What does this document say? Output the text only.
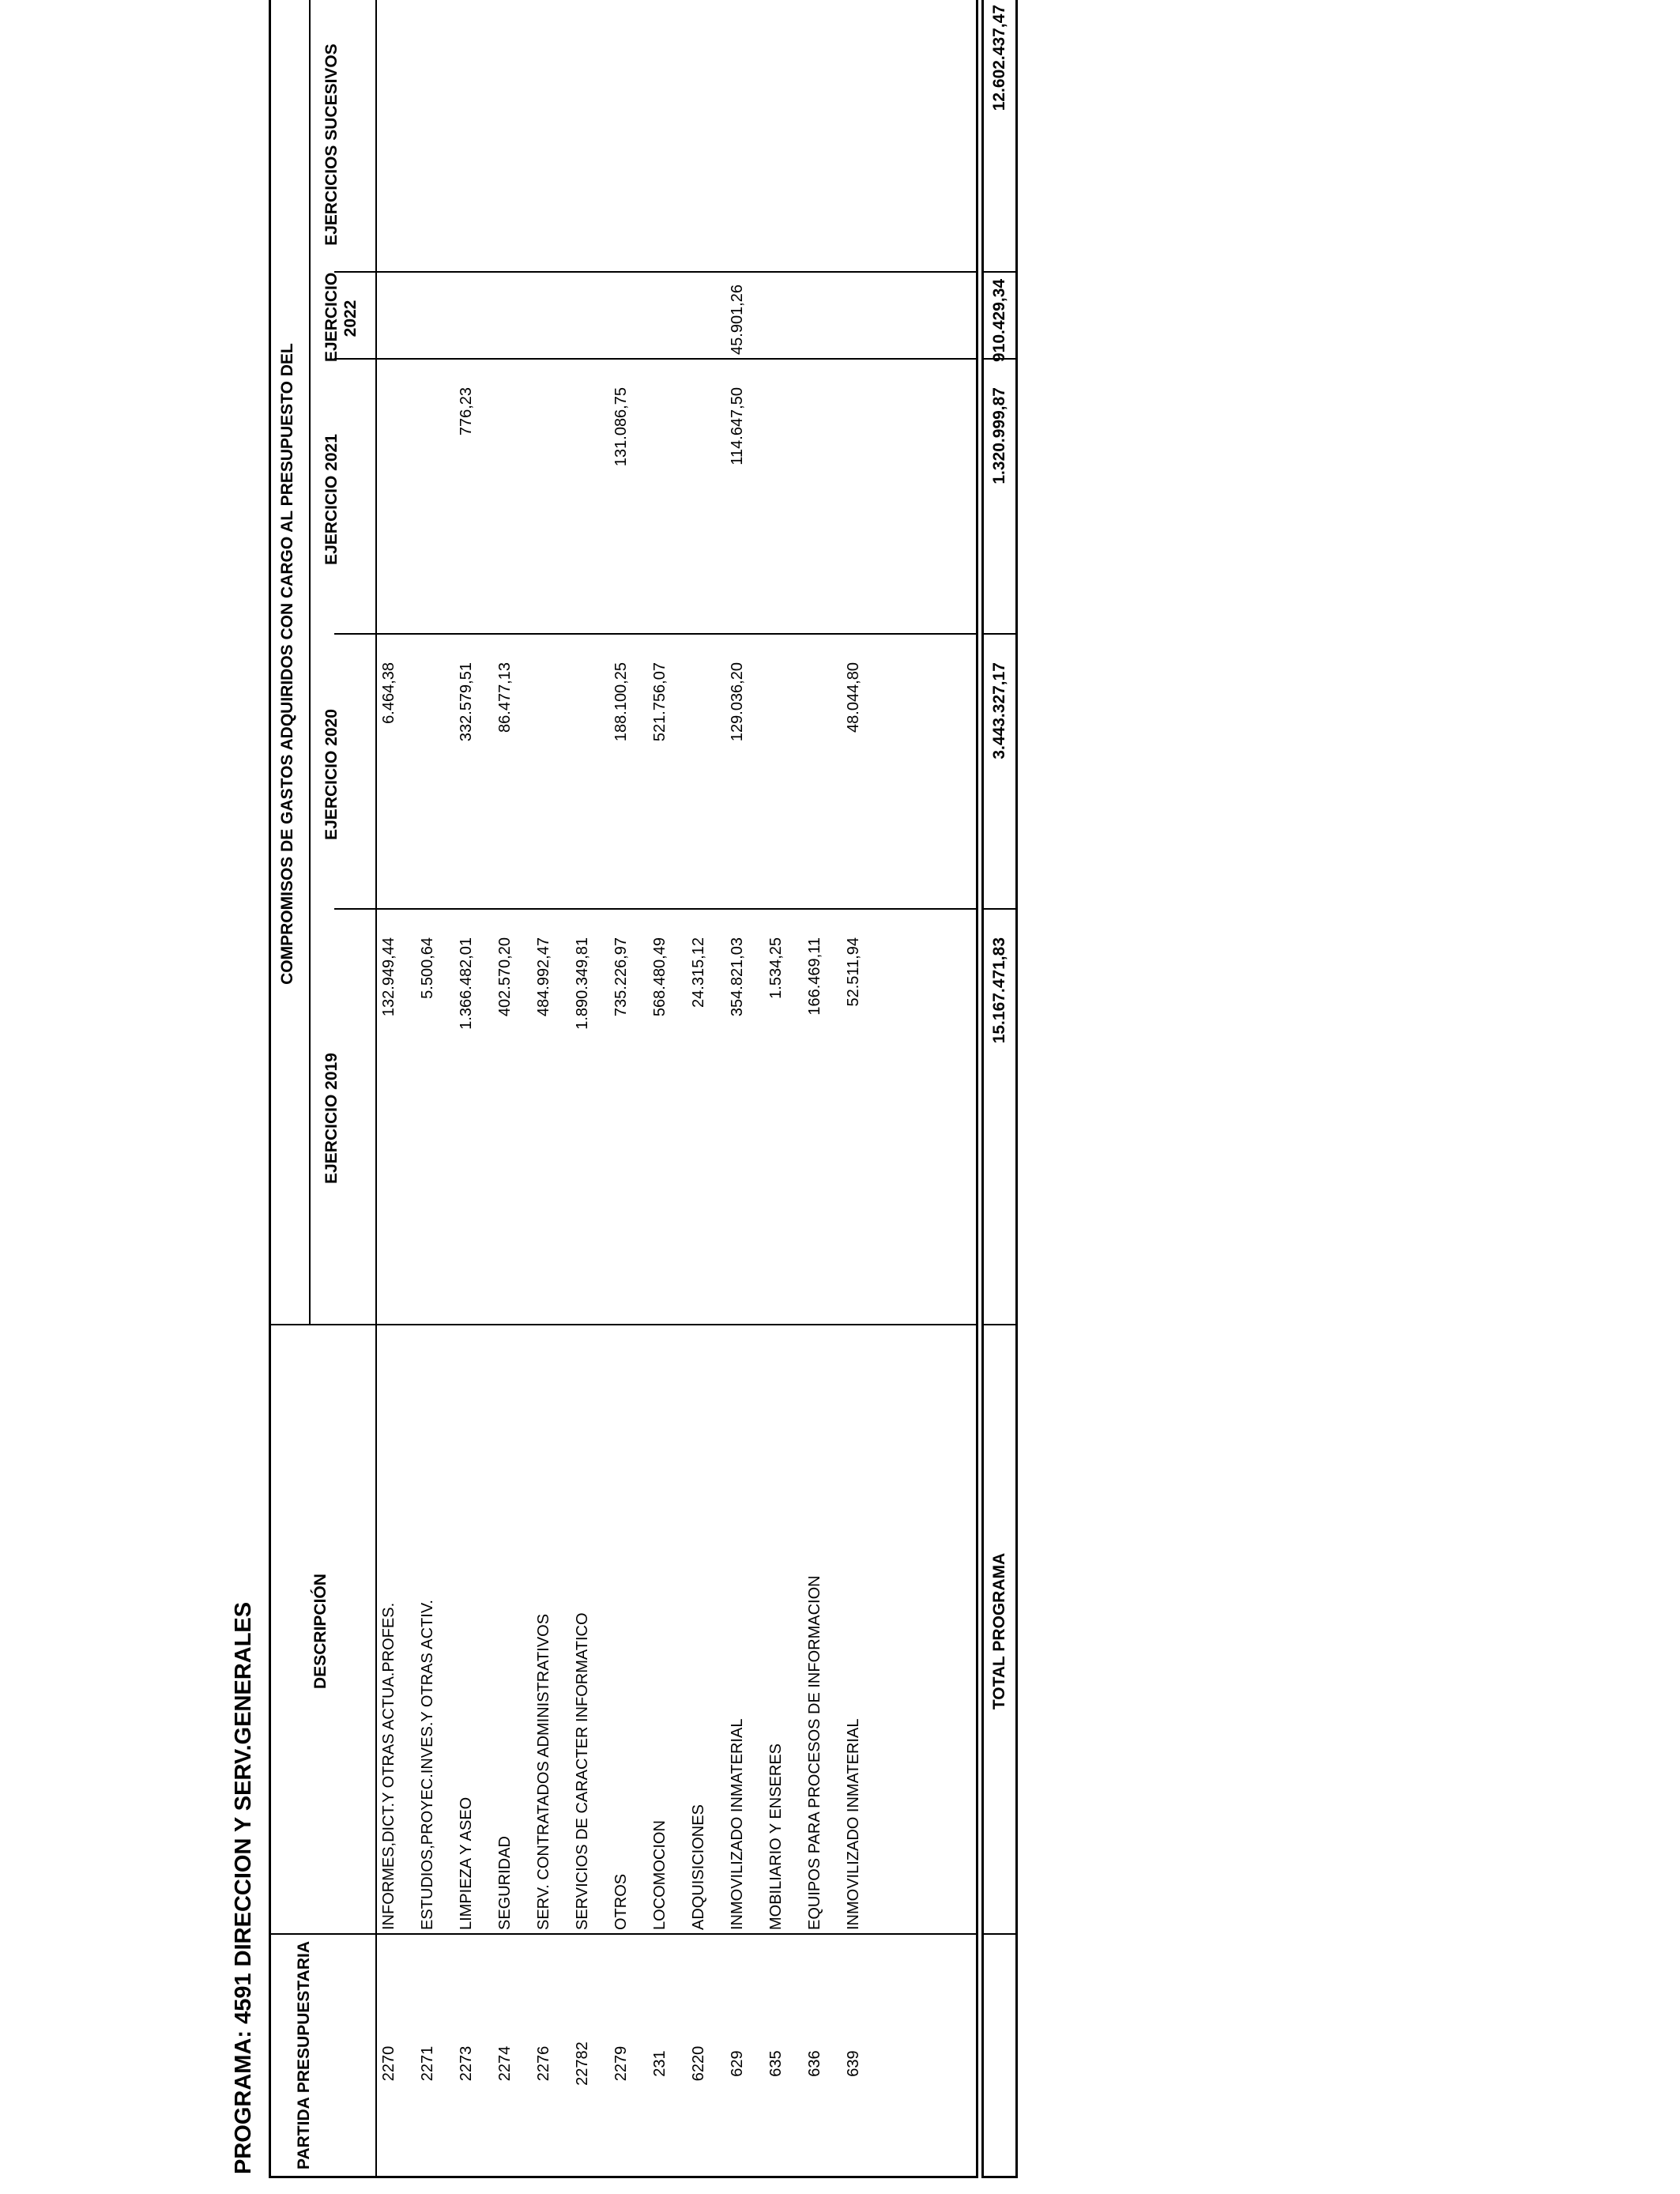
PROGRAMA: 4591 DIRECCION Y SERV.GENERALES PARTIDA PRESUPUESTARIA
DESCRIPCIÓN
COMPROMISOS DE GASTOS ADQUIRIDOS CON CARGO AL PRESUPUESTO DEL
EJERCICIO 2019
EJERCICIO 2020
EJERCICIO 2021
EJERCICIO 2022
EJERCICIOS SUCESIVOS
2270
INFORMES,DICT.Y OTRAS ACTUA.PROFES.
132.949,44
6.464,38
2271
ESTUDIOS,PROYEC.INVES.Y OTRAS ACTIV.
5.500,64
2273
LIMPIEZA Y ASEO
1.366.482,01
332.579,51
776,23
2274
SEGURIDAD
402.570,20
86.477,13
2276
SERV. CONTRATADOS ADMINISTRATIVOS
484.992,47
22782
SERVICIOS DE CARACTER INFORMATICO
1.890.349,81
2279
OTROS
735.226,97
188.100,25
131.086,75
231
LOCOMOCION
568.480,49
521.756,07
6220
ADQUISICIONES
24.315,12
629
INMOVILIZADO INMATERIAL
354.821,03
129.036,20
114.647,50
45.901,26
635
MOBILIARIO Y ENSERES
1.534,25
636
EQUIPOS PARA PROCESOS DE INFORMACION
166.469,11
639
INMOVILIZADO INMATERIAL
52.511,94
48.044,80
TOTAL PROGRAMA
15.167.471,83
3.443.327,17
1.320.999,87
910.429,34
12.602.437,47
